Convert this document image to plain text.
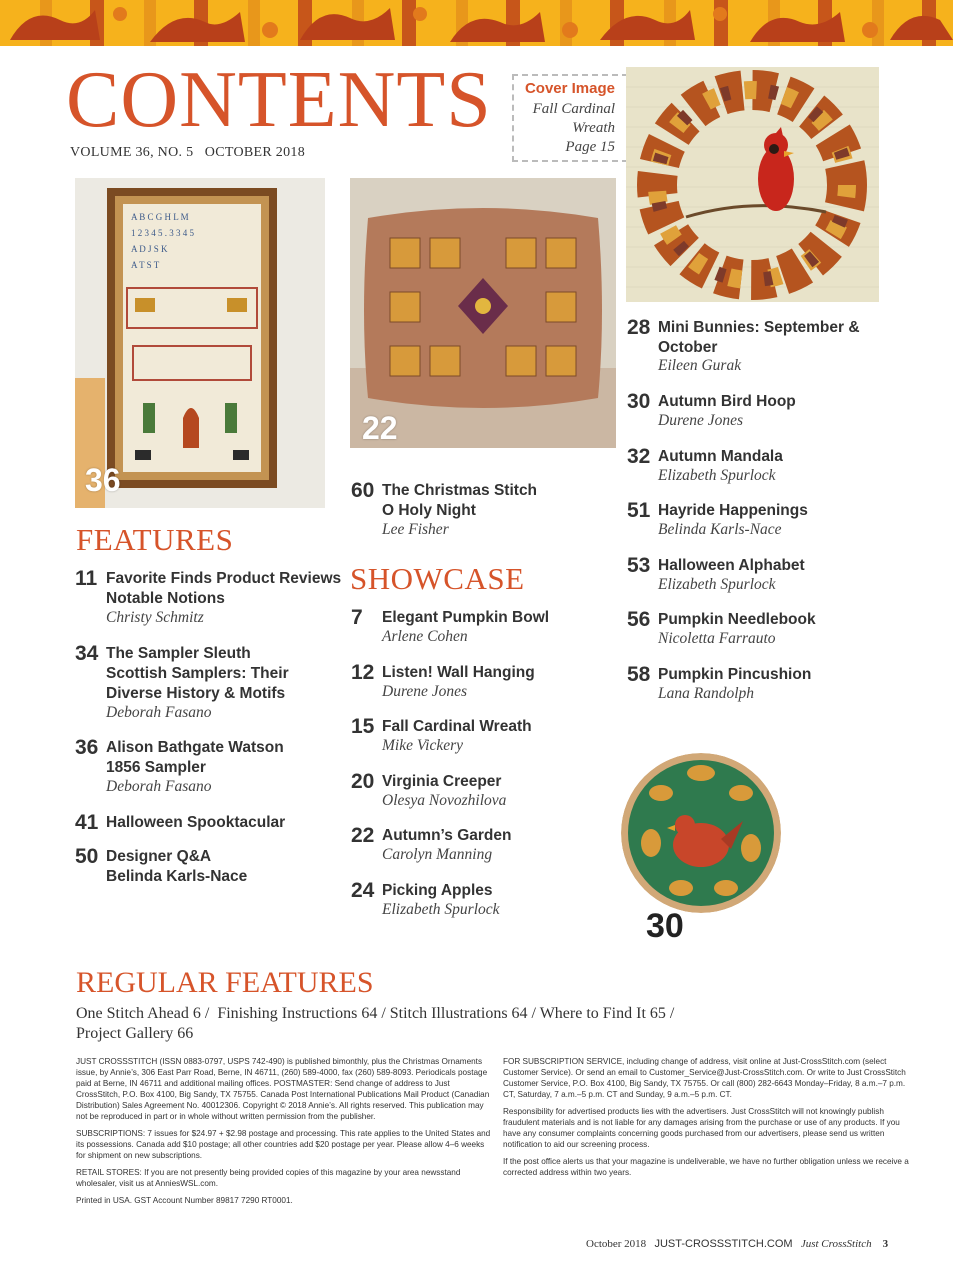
CONTENTS
VOLUME 36, NO. 5   OCTOBER 2018
Cover Image
Fall Cardinal
Wreath
Page 15
A B C G H L M
1 2 3 4 5 . 3 3 4 5
A D J S K
A T S T
36
22
30
FEATURES
11 Favorite Finds Product Reviews
Notable Notions
Christy Schmitz
34 The Sampler Sleuth
Scottish Samplers: Their
Diverse History & Motifs
Deborah Fasano
36 Alison Bathgate Watson
1856 Sampler
Deborah Fasano
41 Halloween Spooktacular
50 Designer Q&A
Belinda Karls-Nace
60 The Christmas Stitch
O Holy Night
Lee Fisher
SHOWCASE
7 Elegant Pumpkin Bowl
Arlene Cohen
12 Listen! Wall Hanging
Durene Jones
15 Fall Cardinal Wreath
Mike Vickery
20 Virginia Creeper
Olesya Novozhilova
22 Autumn’s Garden
Carolyn Manning
24 Picking Apples
Elizabeth Spurlock
28 Mini Bunnies: September &
October
Eileen Gurak
30 Autumn Bird Hoop
Durene Jones
32 Autumn Mandala
Elizabeth Spurlock
51 Hayride Happenings
Belinda Karls-Nace
53 Halloween Alphabet
Elizabeth Spurlock
56 Pumpkin Needlebook
Nicoletta Farrauto
58 Pumpkin Pincushion
Lana Randolph
REGULAR FEATURES
One Stitch Ahead 6 /  Finishing Instructions 64 / Stitch Illustrations 64 / Where to Find It 65 /
Project Gallery 66

JUST CROSSSTITCH (ISSN 0883-0797, USPS 742-490) is published bimonthly, plus the Christmas Ornaments issue, by Annie’s, 306 East Parr Road, Berne, IN 46711, (260) 589-4000, fax (260) 589-8093. Periodicals postage paid at Berne, IN 46711 and additional mailing offices. POSTMASTER: Send change of address to Just CrossStitch, P.O. Box 4100, Big Sandy, TX 75755. Canada Post International Publications Mail Product (Canadian Distribution) Sales Agreement No. 40012306. Copyright © 2018 Annie’s. All rights reserved. This publication may not be reproduced in part or in whole without written permission from the publisher.

SUBSCRIPTIONS: 7 issues for $24.97 + $2.98 postage and processing. This rate applies to the United States and its possessions. Canada add $10 postage; all other countries add $20 postage per year. Please allow 4–6 weeks for shipment on new subscriptions.

RETAIL STORES: If you are not presently being provided copies of this magazine by your area newsstand wholesaler, visit us at AnniesWSL.com.

Printed in USA. GST Account Number 89817 7290 RT0001.

FOR SUBSCRIPTION SERVICE, including change of address, visit online at Just-CrossStitch.com (select Customer Service). Or send an email to Customer_Service@Just-CrossStitch.com. Or write to Just CrossStitch Customer Service, P.O. Box 4100, Big Sandy, TX 75755. Or call (800) 282-6643 Monday–Friday, 8 a.m.–7 p.m. CT, Saturday, 7 a.m.–5 p.m. CT and Sunday, 9 a.m.–5 p.m. CT.

Responsibility for advertised products lies with the advertisers. Just CrossStitch will not knowingly publish fraudulent materials and is not liable for any damages arising from the purchase or use of any products. If you have any consumer complaints concerning goods purchased from our advertisers, please send us written notification to aid our screening process.

If the post office alerts us that your magazine is undeliverable, we have no further obligation unless we receive a corrected address within two years.

October 2018 JUST-CROSSSTITCH.COM Just CrossStitch 3
